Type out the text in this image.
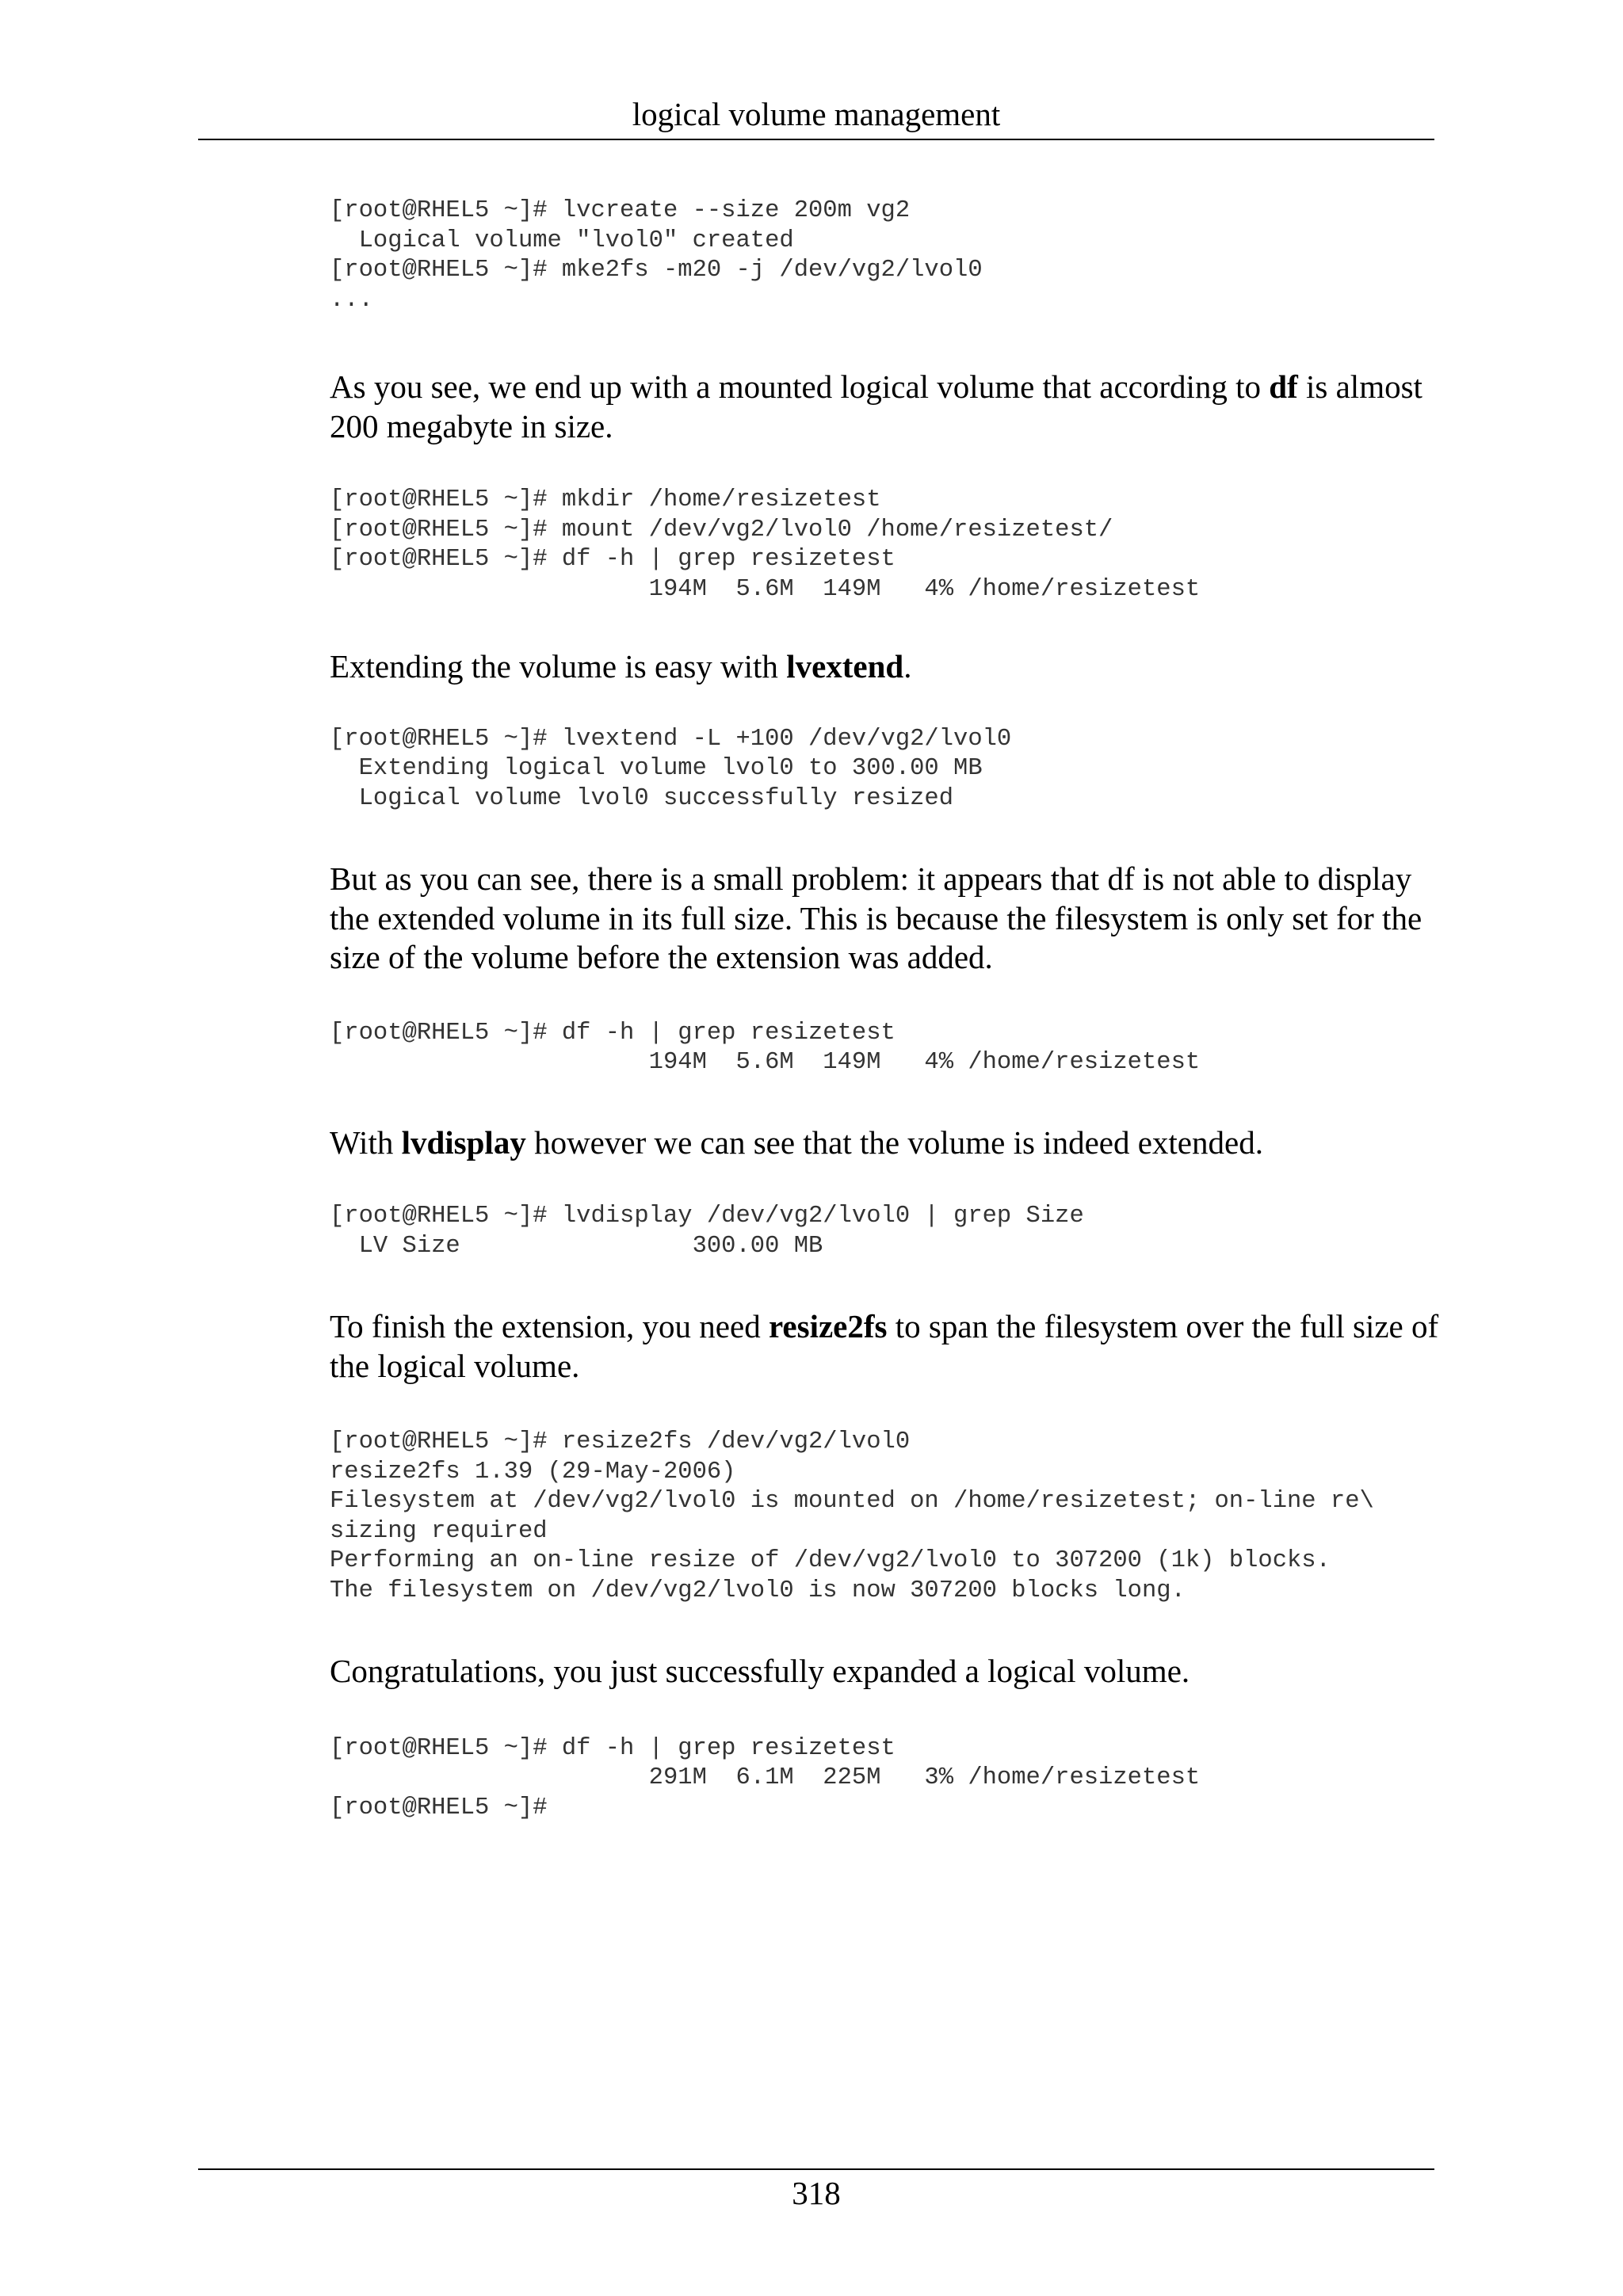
logical volume management
[root@RHEL5 ~]# lvcreate --size 200m vg2
Logical volume "lvol0" created
[root@RHEL5 ~]# mke2fs -m20 -j /dev/vg2/lvol0
...

As you see, we end up with a mounted logical volume that according to df is almost 200 megabyte in size.

[root@RHEL5 ~]# mkdir /home/resizetest
[root@RHEL5 ~]# mount /dev/vg2/lvol0 /home/resizetest/
[root@RHEL5 ~]# df -h | grep resizetest
194M  5.6M  149M   4% /home/resizetest

Extending the volume is easy with lvextend.

[root@RHEL5 ~]# lvextend -L +100 /dev/vg2/lvol0
Extending logical volume lvol0 to 300.00 MB
Logical volume lvol0 successfully resized

But as you can see, there is a small problem: it appears that df is not able to display the extended volume in its full size. This is because the filesystem is only set for the size of the volume before the extension was added.

[root@RHEL5 ~]# df -h | grep resizetest
194M  5.6M  149M   4% /home/resizetest

With lvdisplay however we can see that the volume is indeed extended.

[root@RHEL5 ~]# lvdisplay /dev/vg2/lvol0 | grep Size
LV Size                300.00 MB

To finish the extension, you need resize2fs to span the filesystem over the full size of the logical volume.

[root@RHEL5 ~]# resize2fs /dev/vg2/lvol0
resize2fs 1.39 (29-May-2006)
Filesystem at /dev/vg2/lvol0 is mounted on /home/resizetest; on-line re\
sizing required
Performing an on-line resize of /dev/vg2/lvol0 to 307200 (1k) blocks.
The filesystem on /dev/vg2/lvol0 is now 307200 blocks long.

Congratulations, you just successfully expanded a logical volume.

[root@RHEL5 ~]# df -h | grep resizetest
291M  6.1M  225M   3% /home/resizetest
[root@RHEL5 ~]#
318
